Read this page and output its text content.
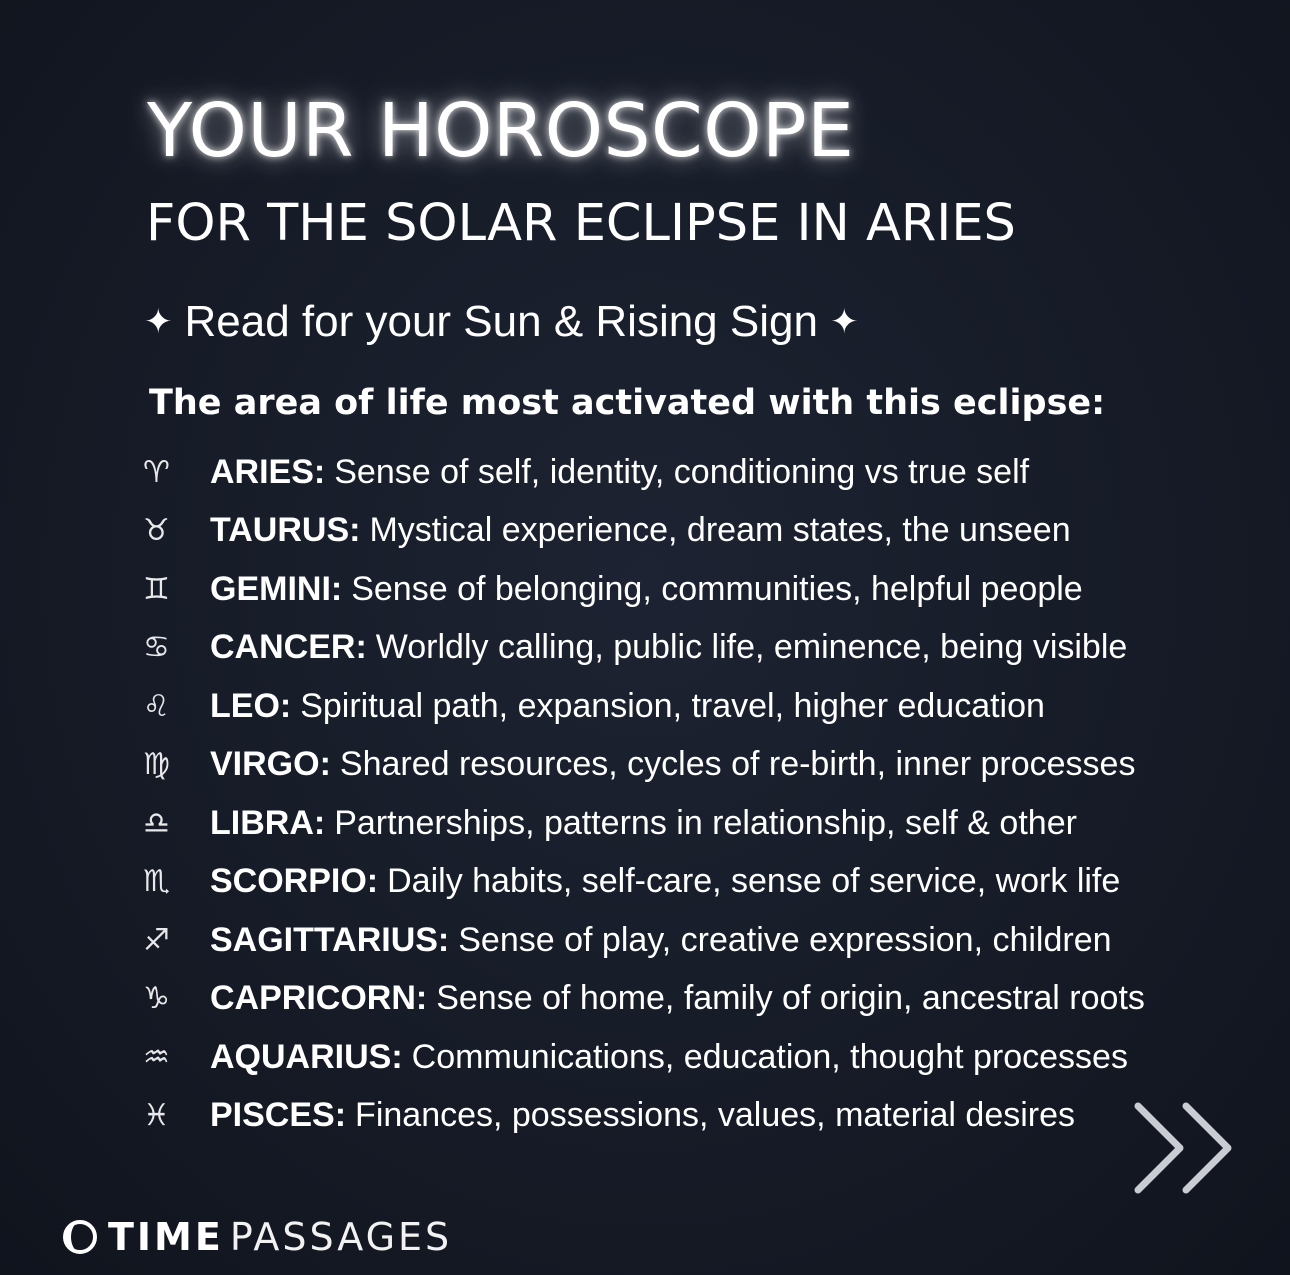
YOUR HOROSCOPE
FOR THE SOLAR ECLIPSE IN ARIES
✦ Read for your Sun & Rising Sign ✦
The area of life most activated with this eclipse:
♈	ARIES: Sense of self, identity, conditioning vs true self
♉	TAURUS: Mystical experience, dream states, the unseen
♊	GEMINI: Sense of belonging, communities, helpful people
♋	CANCER: Worldly calling, public life, eminence, being visible
♌	LEO: Spiritual path, expansion, travel, higher education
♍	VIRGO: Shared resources, cycles of re-birth, inner processes
♎	LIBRA: Partnerships, patterns in relationship, self & other
♏	SCORPIO: Daily habits, self-care, sense of service, work life
♐	SAGITTARIUS: Sense of play, creative expression, children
♑	CAPRICORN: Sense of home, family of origin, ancestral roots
♒	AQUARIUS: Communications, education, thought processes
♓	PISCES: Finances, possessions, values, material desires
TIME PASSAGES
